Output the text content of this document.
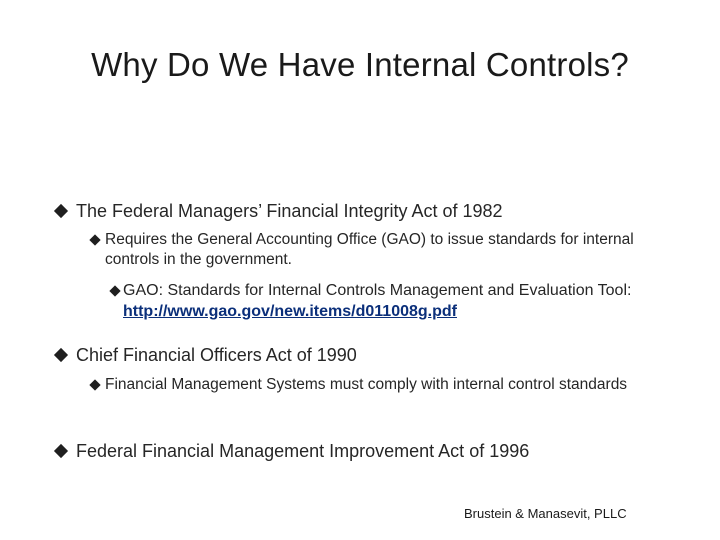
Why Do We Have Internal Controls?
The Federal Managers’ Financial Integrity Act of 1982
Requires the General Accounting Office (GAO) to issue standards for internal controls in the government.
GAO: Standards for Internal Controls Management and Evaluation Tool: http://www.gao.gov/new.items/d011008g.pdf
Chief Financial Officers Act of 1990
Financial Management Systems must comply with internal control standards
Federal Financial Management Improvement Act of 1996
Brustein & Manasevit, PLLC
